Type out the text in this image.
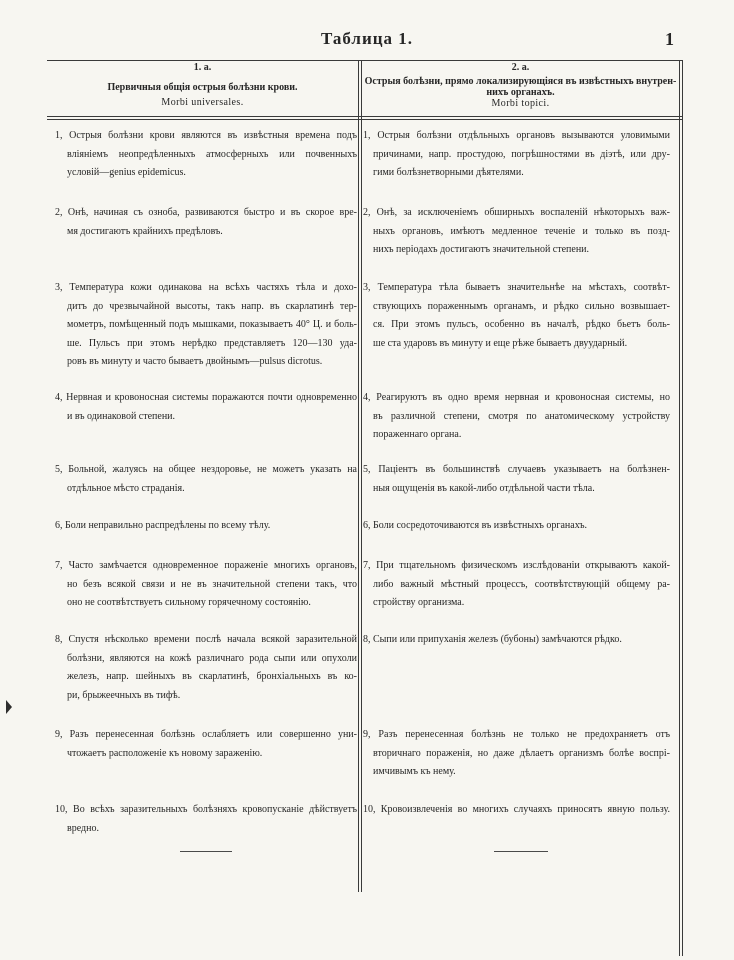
Таблица 1.	1
1. а.
Первичныя общія острыя болѣзни крови.
Morbi universales.
2. а.
Острыя болѣзни, прямо локализирующіяся въ извѣстныхъ внутрен-
нихъ органахъ.
Morbi topici.
1, Острыя болѣзни крови являются въ извѣстныя времена подъ
вліяніемъ неопредѣленныхъ атмосферныхъ или почвенныхъ
условій—genius epidemicus.
1, Острыя болѣзни отдѣльныхъ органовъ вызываются уловимыми
причинами, напр. простудою, погрѣшностями въ діэтѣ, или дру-
гими болѣзнетворными дѣятелями.
2, Онѣ, начиная съ озноба, развиваются быстро и въ скорое вре-
мя достигаютъ крайнихъ предѣловъ.
2, Онѣ, за исключеніемъ обширныхъ воспаленій нѣкоторыхъ важ-
ныхъ органовъ, имѣютъ медленное теченіе и только въ позд-
нихъ періодахъ достигаютъ значительной степени.
3, Температура кожи одинакова на всѣхъ частяхъ тѣла и дохо-
дитъ до чрезвычайной высоты, такъ напр. въ скарлатинѣ тер-
мометръ, помѣщенный подъ мышками, показываетъ 40° Ц. и боль-
ше. Пульсъ при этомъ нерѣдко представляетъ 120—130 уда-
ровъ въ минуту и часто бываетъ двойнымъ—pulsus dicrotus.
3, Температура тѣла бываетъ значительнѣе на мѣстахъ, соотвѣт-
ствующихъ пораженнымъ органамъ, и рѣдко сильно возвышает-
ся. При этомъ пульсъ, особенно въ началѣ, рѣдко бьетъ боль-
ше ста ударовъ въ минуту и еще рѣже бываетъ двуударный.
4, Нервная и кровоносная системы поражаются почти одновременно
и въ одинаковой степени.
4, Реагируютъ въ одно время нервная и кровоносная системы, но
въ различной степени, смотря по анатомическому устройству
пораженнаго органа.
5, Больной, жалуясь на общее нездоровье, не можетъ указать на
отдѣльное мѣсто страданія.
5, Паціентъ въ большинствѣ случаевъ указываетъ на болѣзнен-
ныя ощущенія въ какой-либо отдѣльной части тѣла.
6, Боли неправильно распредѣлены по всему тѣлу.	6, Боли сосредоточиваются въ извѣстныхъ органахъ.
7, Часто замѣчается одновременное пораженіе многихъ органовъ,
но безъ всякой связи и не въ значительной степени такъ, что
оно не соотвѣтствуетъ сильному горячечному состоянію.
7, При тщательномъ физическомъ изслѣдованіи открываютъ какой-
либо важный мѣстный процессъ, соотвѣтствующій общему ра-
стройству организма.
8, Спустя нѣсколько времени послѣ начала всякой заразительной
болѣзни, являются на кожѣ различнаго рода сыпи или опухоли
железъ, напр. шейныхъ въ скарлатинѣ, бронхіальныхъ въ ко-
ри, брыжеечныхъ въ тифѣ.
8, Сыпи или припуханія железъ (бубоны) замѣчаются рѣдко.
9, Разъ перенесенная болѣзнь ослабляетъ или совершенно уни-
чтожаетъ расположеніе къ новому зараженію.
9, Разъ перенесенная болѣзнь не только не предохраняетъ отъ
вторичнаго пораженія, но даже дѣлаетъ организмъ болѣе воспрі-
имчивымъ къ нему.
10, Во всѣхъ заразительныхъ болѣзняхъ кровопусканіе дѣйствуетъ
вредно.
10, Кровоизвлеченія во многихъ случаяхъ приносятъ явную пользу.
